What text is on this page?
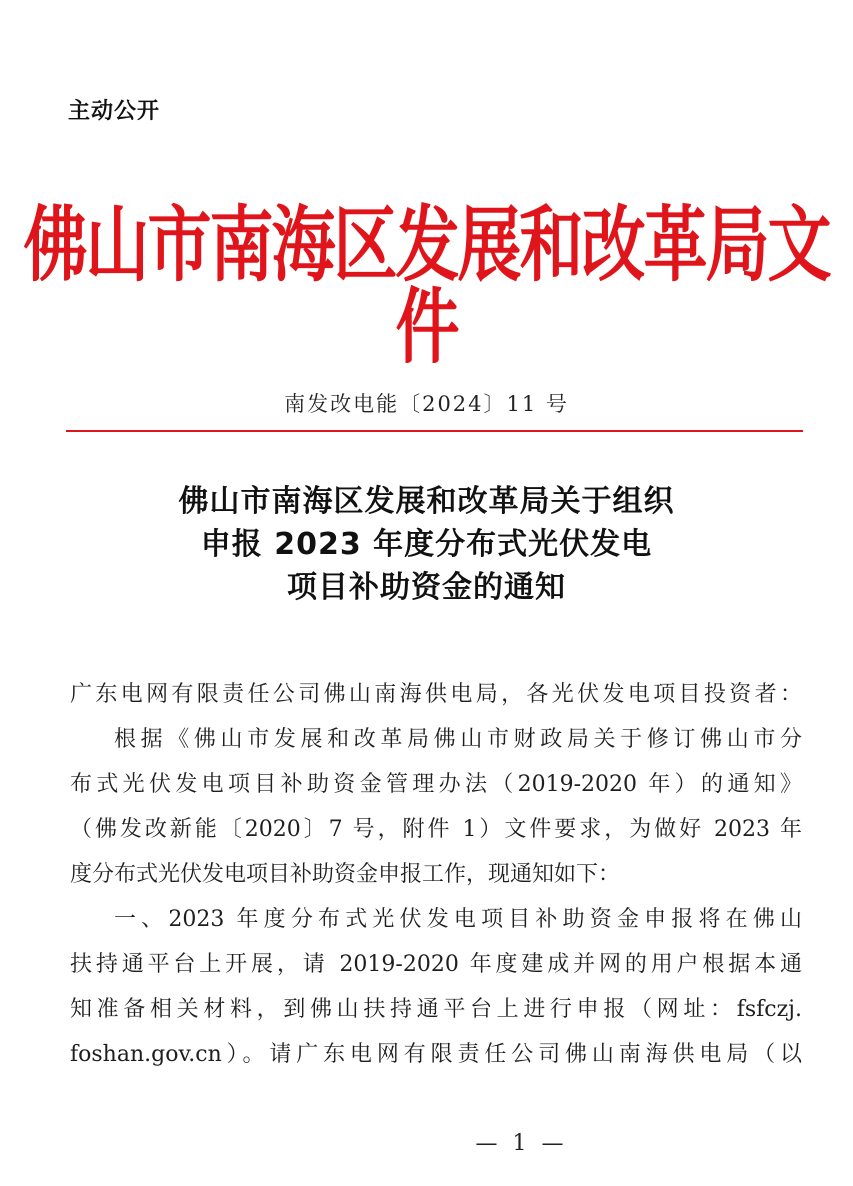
主动公开
佛山市南海区发展和改革局文件
南发改电能〔2024〕11 号
佛山市南海区发展和改革局关于组织
申报 2023 年度分布式光伏发电
项目补助资金的通知
广东电网有限责任公司佛山南海供电局，各光伏发电项目投资者：
根据《佛山市发展和改革局佛山市财政局关于修订佛山市分
布式光伏发电项目补助资金管理办法（2019-2020 年）的通知》
（佛发改新能〔2020〕7 号，附件 1）文件要求，为做好 2023 年
度分布式光伏发电项目补助资金申报工作，现通知如下：
一、2023 年度分布式光伏发电项目补助资金申报将在佛山
扶持通平台上开展，请 2019-2020 年度建成并网的用户根据本通
知准备相关材料，到佛山扶持通平台上进行申报（网址：fsfczj.
foshan.gov.cn）。请广东电网有限责任公司佛山南海供电局（以
— 1 —
